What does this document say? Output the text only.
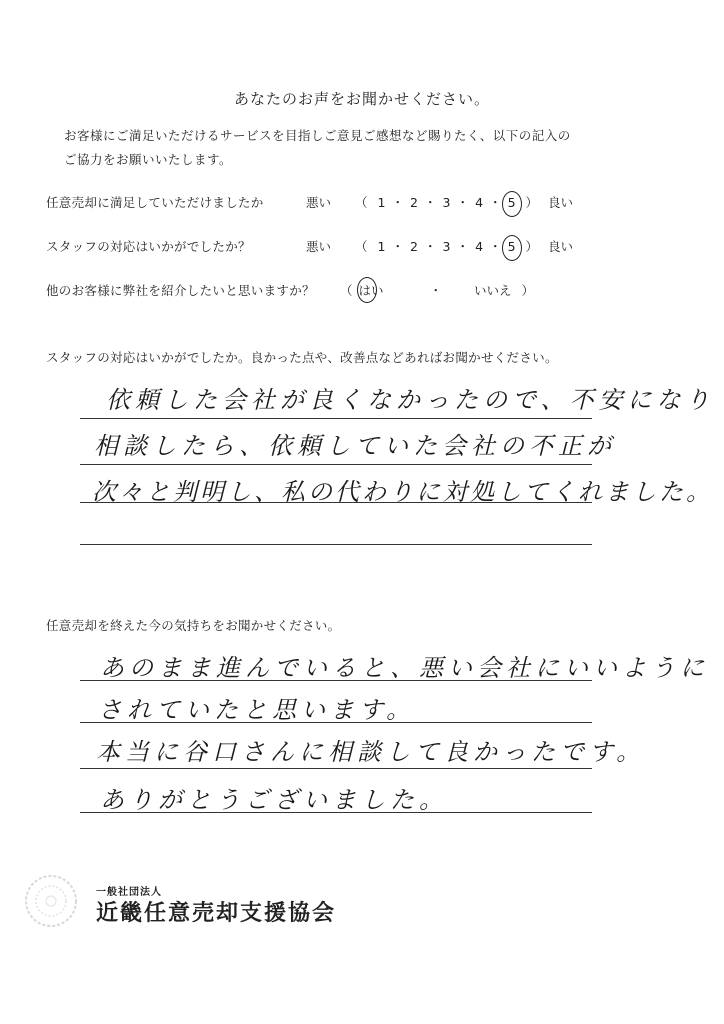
あなたのお声をお聞かせください。
お客様にご満足いただけるサービスを目指しご意見ご感想など賜りたく、以下の記入の
ご協力をお願いいたします。
任意売却に満足していただけましたか	悪い （ 1 ・ 2 ・ 3 ・ 4 ・ 5 ） 良い
スタッフの対応はいかがでしたか？	悪い （ 1 ・ 2 ・ 3 ・ 4 ・ 5 ） 良い
他のお客様に弊社を紹介したいと思いますか？ （ はい	・	いいえ ）
スタッフの対応はいかがでしたか。良かった点や、改善点などあればお聞かせください。
依頼した会社が良くなかったので、不安になり
相談したら、依頼していた会社の不正が
次々と判明し、私の代わりに対処してくれました。
任意売却を終えた今の気持ちをお聞かせください。
あのまま進んでいると、悪い会社にいいように
されていたと思います。
本当に谷口さんに相談して良かったです。
ありがとうございました。
一般社団法人
近畿任意売却支援協会
